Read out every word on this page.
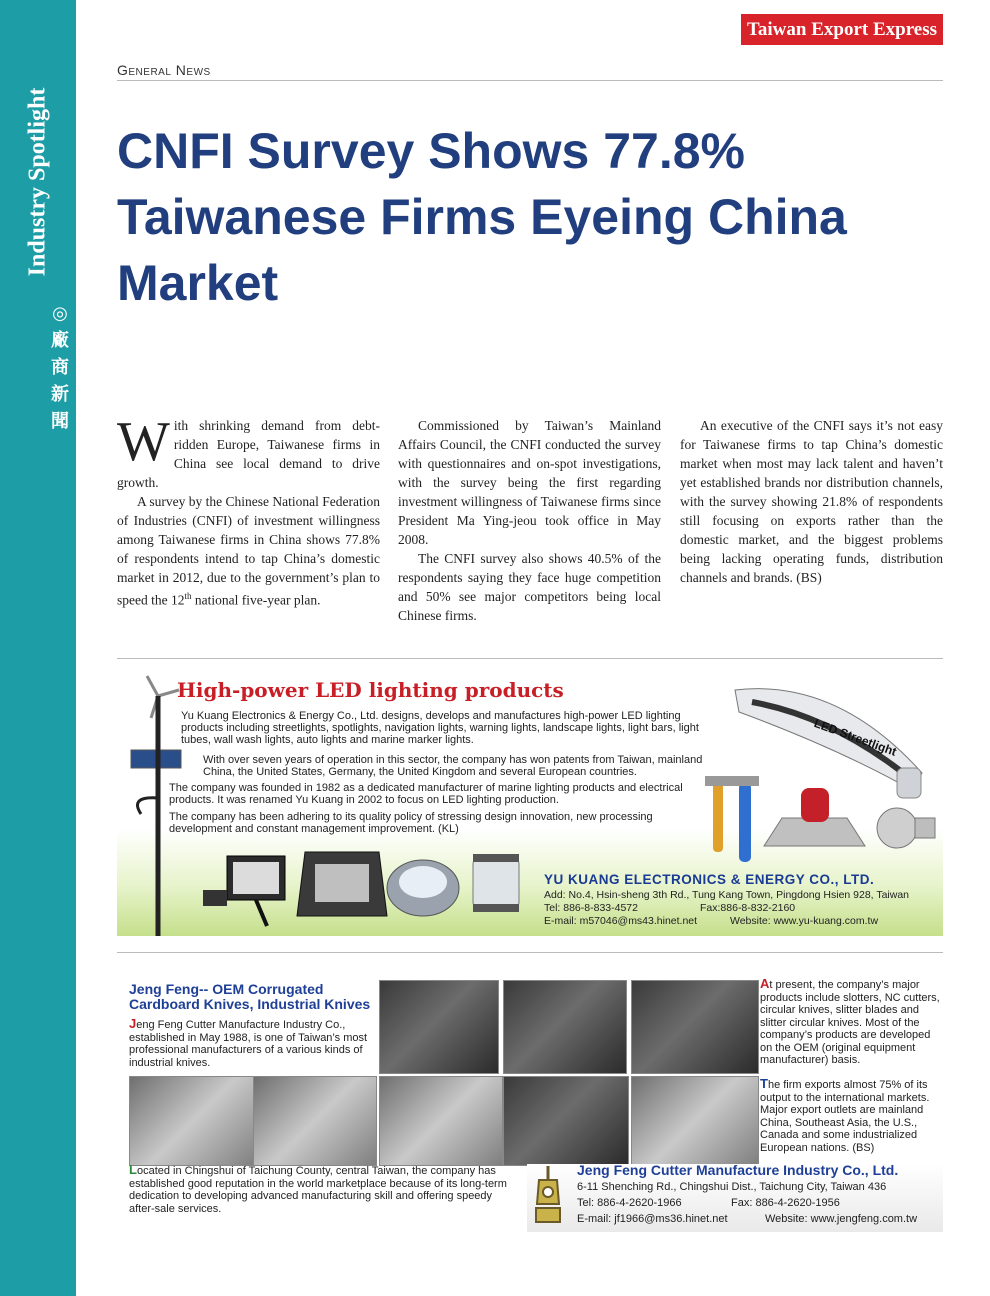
Industry Spotlight
◎
廠
商
新
聞
Taiwan Export Express
General News
CNFI Survey Shows 77.8%
Taiwanese Firms Eyeing China
Market

With shrinking demand from debt-ridden Europe, Taiwanese firms in China see local demand to drive growth.

A survey by the Chinese National Federation of Industries (CNFI) of investment willingness among Taiwanese firms in China shows 77.8% of respondents intend to tap China’s domestic market in 2012, due to the government’s plan to speed the 12th national five-year plan.

Commissioned by Taiwan’s Mainland Affairs Council, the CNFI conducted the survey with questionnaires and on-spot investigations, with the survey being the first regarding investment willingness of Taiwanese firms since President Ma Ying-jeou took office in May 2008.

The CNFI survey also shows 40.5% of the respondents saying they face huge competition and 50% see major competitors being local Chinese firms.

An executive of the CNFI says it’s not easy for Taiwanese firms to tap China’s domestic market when most may lack talent and haven’t yet established brands nor distribution channels, with the survey showing 21.8% of respondents still focusing on exports rather than the domestic market, and the biggest problems being lacking operating funds, distribution channels and brands. (BS)

High-power LED lighting products
LED Streetlight

Yu Kuang Electronics & Energy Co., Ltd. designs, develops and manufactures high-power LED lighting products including streetlights, spotlights, navigation lights, warning lights, landscape lights, light bars, light tubes, wall wash lights, auto lights and marine marker lights.

With over seven years of operation in this sector, the company has won patents from Taiwan, mainland China, the United States, Germany, the United Kingdom and several European countries.

The company was founded in 1982 as a dedicated manufacturer of marine lighting products and electrical products. It was renamed Yu Kuang in 2002 to focus on LED lighting production.

The company has been adhering to its quality policy of stressing design innovation, new processing development and constant management improvement. (KL)

YU KUANG ELECTRONICS & ENERGY CO., LTD.
Add: No.4, Hsin-sheng 3th Rd., Tung Kang Town, Pingdong Hsien 928, Taiwan
Tel: 886-8-833-4572	Fax:886-8-832-2160
E-mail: m57046@ms43.hinet.net	Website: www.yu-kuang.com.tw
Jeng Feng-- OEM Corrugated Cardboard Knives, Industrial Knives

Jeng Feng Cutter Manufacture Industry Co., established in May 1988, is one of Taiwan’s most professional manufacturers of a various kinds of industrial knives.

At present, the company’s major products include slotters, NC cutters, circular knives, slitter blades and slitter circular knives. Most of the company’s products are developed on the OEM (original equipment manufacturer) basis.

The firm exports almost 75% of its output to the international markets. Major export outlets are mainland China, Southeast Asia, the U.S., Canada and some industrialized European nations. (BS)

Located in Chingshui of Taichung County, central Taiwan, the company has established good reputation in the world marketplace because of its long-term dedication to developing advanced manufacturing skill and offering speedy after-sale services.

Jeng Feng Cutter Manufacture Industry Co., Ltd.
6-11 Shenching Rd., Chingshui Dist., Taichung City, Taiwan 436
Tel: 886-4-2620-1966	Fax: 886-4-2620-1956
E-mail: jf1966@ms36.hinet.net	Website: www.jengfeng.com.tw
